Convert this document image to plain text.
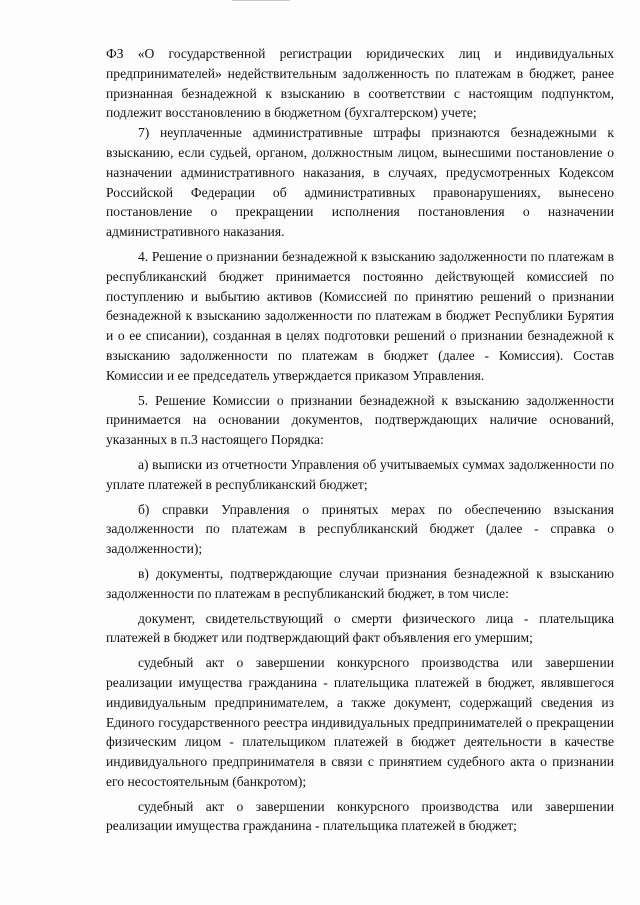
ФЗ «О государственной регистрации юридических лиц и индивидуальных предпринимателей» недействительным задолженность по платежам в бюджет, ранее признанная безнадежной к взысканию в соответствии с настоящим подпунктом, подлежит восстановлению в бюджетном (бухгалтерском) учете;

7) неуплаченные административные штрафы признаются безнадежными к взысканию, если судьей, органом, должностным лицом, вынесшими постановление о назначении административного наказания, в случаях, предусмотренных Кодексом Российской Федерации об административных правонарушениях, вынесено постановление о прекращении исполнения постановления о назначении административного наказания.

4. Решение о признании безнадежной к взысканию задолженности по платежам в республиканский бюджет принимается постоянно действующей комиссией по поступлению и выбытию активов (Комиссией по принятию решений о признании безнадежной к взысканию задолженности по платежам в бюджет Республики Бурятия и о ее списании), созданная в целях подготовки решений о признании безнадежной к взысканию задолженности по платежам в бюджет (далее - Комиссия). Состав Комиссии и ее председатель утверждается приказом Управления.

5. Решение Комиссии о признании безнадежной к взысканию задолженности принимается на основании документов, подтверждающих наличие оснований, указанных в п.3 настоящего Порядка:

а) выписки из отчетности Управления об учитываемых суммах задолженности по уплате платежей в республиканский бюджет;

б) справки Управления о принятых мерах по обеспечению взыскания задолженности по платежам в республиканский бюджет (далее - справка о задолженности);

в) документы, подтверждающие случаи признания безнадежной к взысканию задолженности по платежам в республиканский бюджет, в том числе:

документ, свидетельствующий о смерти физического лица - плательщика платежей в бюджет или подтверждающий факт объявления его умершим;

судебный акт о завершении конкурсного производства или завершении реализации имущества гражданина - плательщика платежей в бюджет, являвшегося индивидуальным предпринимателем, а также документ, содержащий сведения из Единого государственного реестра индивидуальных предпринимателей о прекращении физическим лицом - плательщиком платежей в бюджет деятельности в качестве индивидуального предпринимателя в связи с принятием судебного акта о признании его несостоятельным (банкротом);

судебный акт о завершении конкурсного производства или завершении реализации имущества гражданина - плательщика платежей в бюджет;
